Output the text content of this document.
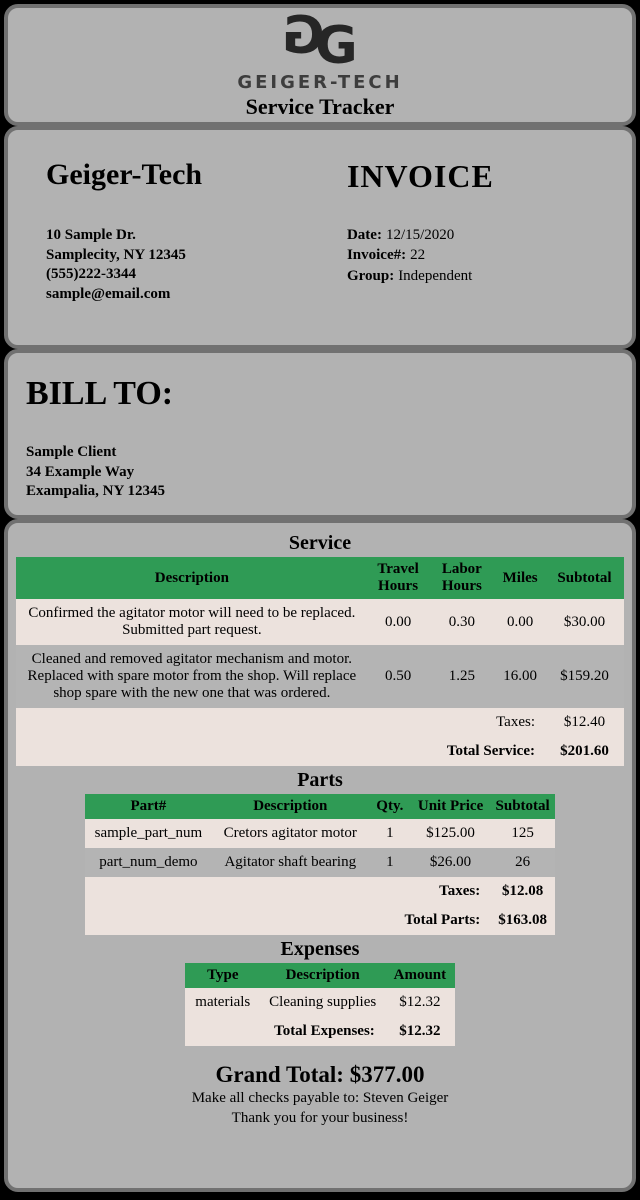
G
G
GEIGER-TECH
Service Tracker
Geiger-Tech
10 Sample Dr.
Samplecity, NY 12345
(555)222-3344
sample@email.com
INVOICE
Date: 12/15/2020
Invoice#: 22
Group: Independent
BILL TO:
Sample Client
34 Example Way
Exampalia, NY 12345
Service
Description	Travel Hours	Labor Hours	Miles	Subtotal
Confirmed the agitator motor will need to be replaced. Submitted part request.	0.00	0.30	0.00	$30.00
Cleaned and removed agitator mechanism and motor. Replaced with spare motor from the shop. Will replace shop spare with the new one that was ordered.	0.50	1.25	16.00	$159.20
Taxes:				$12.40
Total Service:				$201.60
Parts
Part#	Description	Qty.	Unit Price	Subtotal
sample_part_num	Cretors agitator motor	1	$125.00	125
part_num_demo	Agitator shaft bearing	1	$26.00	26
Taxes:				$12.08
Total Parts:				$163.08
Expenses
Type	Description	Amount
materials	Cleaning supplies	$12.32
Total Expenses:		$12.32
Grand Total: $377.00
Make all checks payable to: Steven Geiger
Thank you for your business!
